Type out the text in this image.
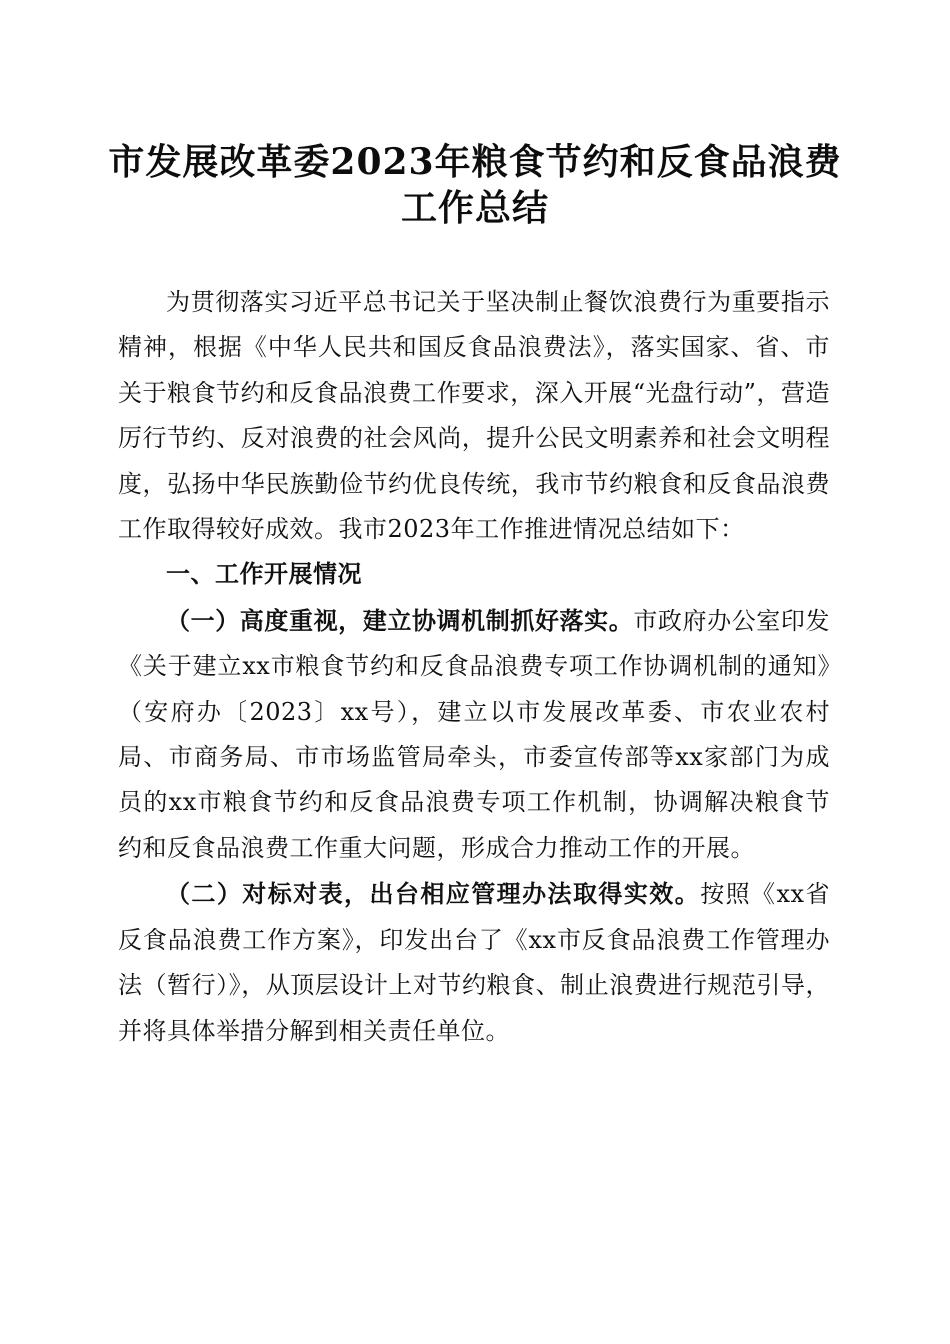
市发展改革委2023年粮食节约和反食品浪费
工作总结

为贯彻落实习近平总书记关于坚决制止餐饮浪费行为重要指示精神，根据《中华人民共和国反食品浪费法》，落实国家、省、市关于粮食节约和反食品浪费工作要求，深入开展“光盘行动”，营造厉行节约、反对浪费的社会风尚，提升公民文明素养和社会文明程度，弘扬中华民族勤俭节约优良传统，我市节约粮食和反食品浪费工作取得较好成效。我市2023年工作推进情况总结如下：

一、工作开展情况

（一）高度重视，建立协调机制抓好落实。市政府办公室印发《关于建立xx市粮食节约和反食品浪费专项工作协调机制的通知》（安府办〔2023〕xx号），建立以市发展改革委、市农业农村局、市商务局、市市场监管局牵头，市委宣传部等xx家部门为成员的xx市粮食节约和反食品浪费专项工作机制，协调解决粮食节约和反食品浪费工作重大问题，形成合力推动工作的开展。

（二）对标对表，出台相应管理办法取得实效。按照《xx省反食品浪费工作方案》，印发出台了《xx市反食品浪费工作管理办法（暂行）》，从顶层设计上对节约粮食、制止浪费进行规范引导，并将具体举措分解到相关责任单位。
